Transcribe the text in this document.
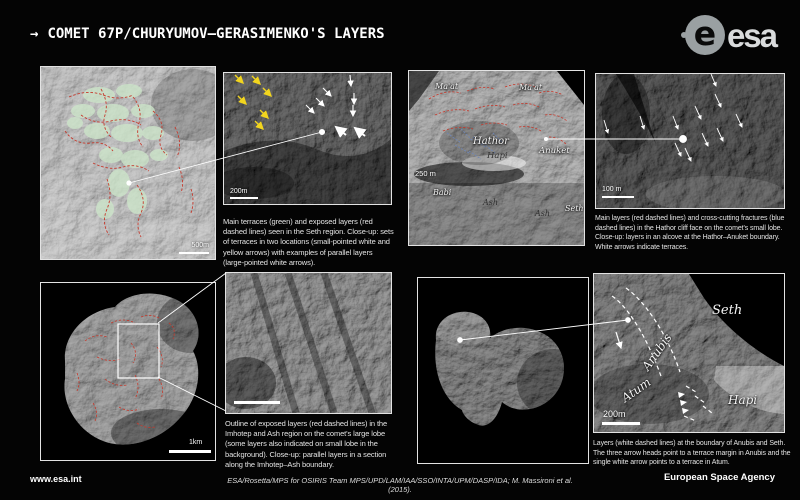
→ COMET 67P/CHURYUMOV–GERASIMENKO'S LAYERS	e esa
500m
200m
Main terraces (green) and exposed layers (red dashed lines) seen in the Seth region. Close-up: sets of terraces in two locations (small-pointed white and yellow arrows) with examples of parallel layers (large-pointed white arrows).
Ma'at	Ma'at
Hathor
Hapi	Anuket
Babi
Ash
Ash
Seth
250 m
100 m
Main layers (red dashed lines) and cross-cutting fractures (blue dashed lines) in the Hathor cliff face on the comet's small lobe. Close-up: layers in an alcove at the Hathor–Anuket boundary. White arrows indicate terraces.
1km
Outline of exposed layers (red dashed lines) in the Imhotep and Ash region on the comet's large lobe (some layers also indicated on small lobe in the background). Close-up: parallel layers in a section along the Imhotep–Ash boundary.
Seth
Anubis
Atum	Hapi
200m
Layers (white dashed lines) at the boundary of Anubis and Seth. The three arrow heads point to a terrace margin in Anubis and the single white arrow points to a terrace in Atum.
www.esa.int	ESA/Rosetta/MPS for OSIRIS Team MPS/UPD/LAM/IAA/SSO/INTA/UPM/DASP/IDA; M. Massironi et al. (2015).
European Space Agency
